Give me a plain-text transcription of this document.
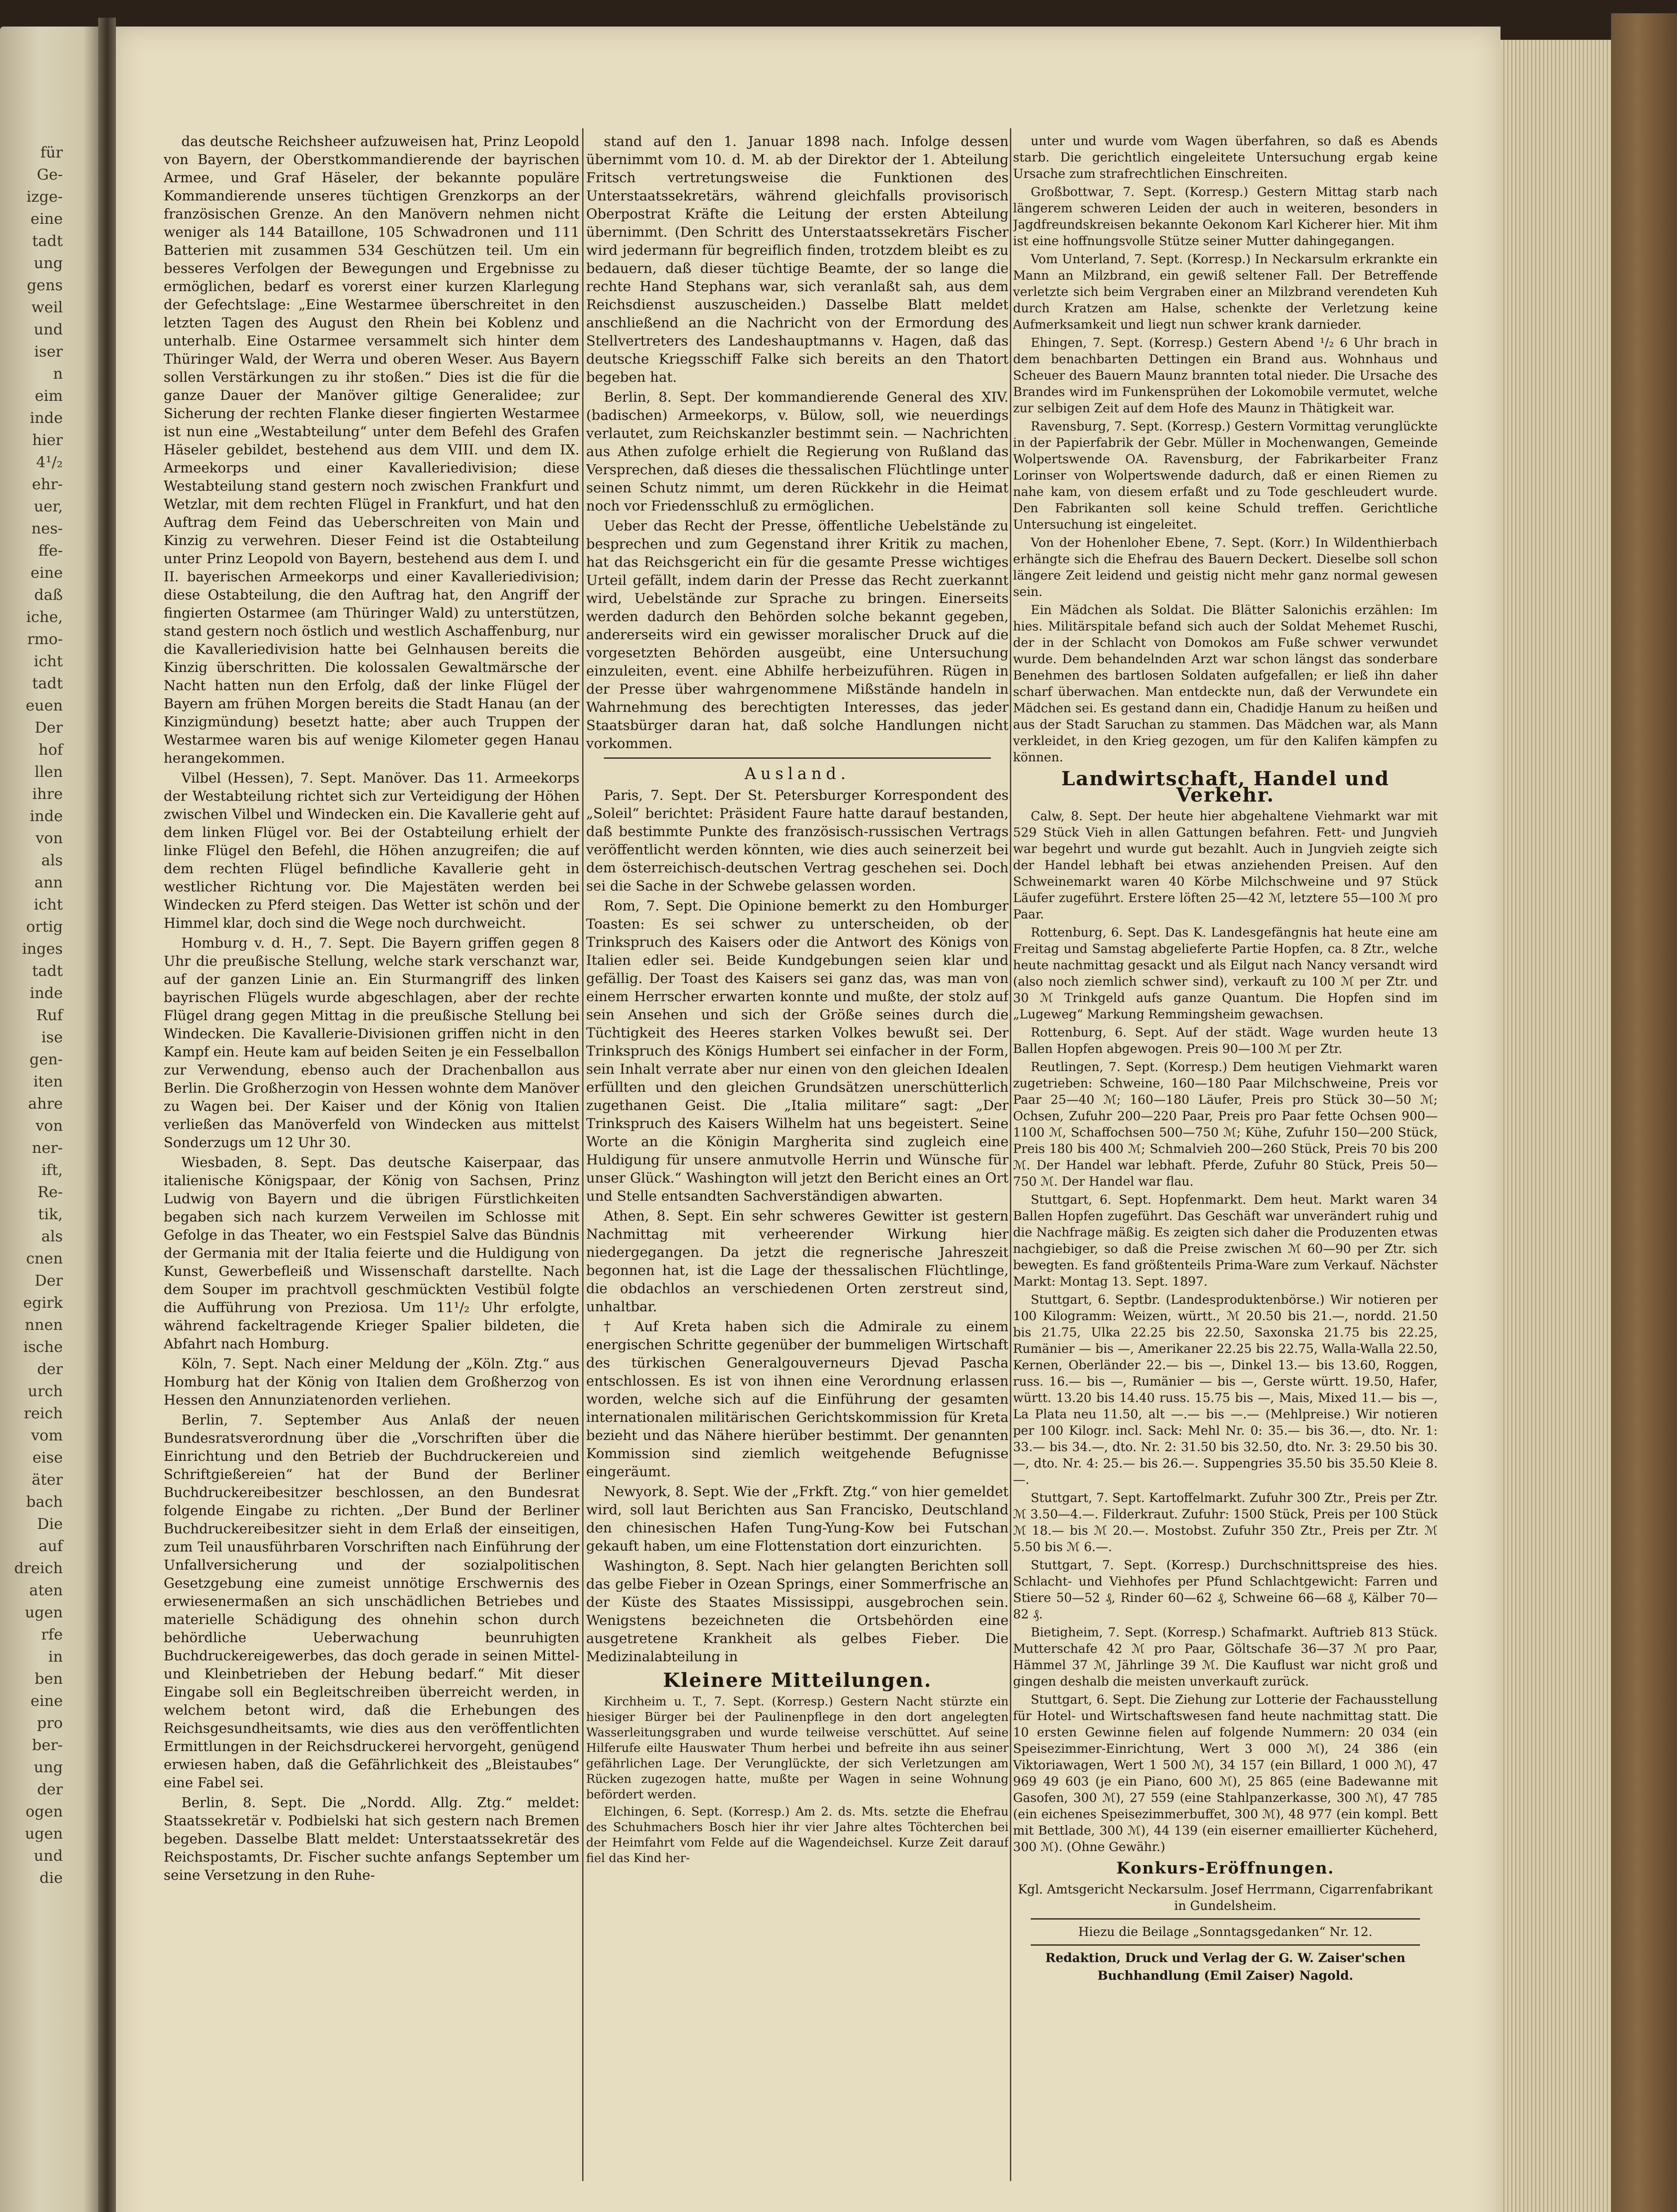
für
Ge-
izge-
eine
tadt
ung
gens
weil
und
iser
n
eim
inde
hier
4¹/₂
ehr-
uer,
nes-
ffe-
eine
daß
iche,
rmo-
icht
tadt
euen
Der
hof
llen
ihre
inde
von
als
ann
icht
ortig
inges
tadt
inde
Ruf
ise
gen-
iten
ahre
von
ner-
ift,
Re-
tik,
als
cnen
Der
egirk
nnen
ische
der
urch
reich
vom
eise
äter
bach
Die
auf
dreich
aten
ugen
rfe
in
ben
eine
pro
ber-
ung
der
ogen
ugen
und
die

das deutsche Reichsheer aufzuweisen hat, Prinz Leopold von Bayern, der Oberstkommandierende der bayrischen Armee, und Graf Häseler, der bekannte populäre Kommandierende unseres tüchtigen Grenzkorps an der französischen Grenze. An den Manövern nehmen nicht weniger als 144 Bataillone, 105 Schwadronen und 111 Batterien mit zusammen 534 Geschützen teil. Um ein besseres Verfolgen der Bewegungen und Ergebnisse zu ermöglichen, bedarf es vorerst einer kurzen Klarlegung der Gefechtslage: „Eine Westarmee überschreitet in den letzten Tagen des August den Rhein bei Koblenz und unterhalb. Eine Ostarmee versammelt sich hinter dem Thüringer Wald, der Werra und oberen Weser. Aus Bayern sollen Verstärkungen zu ihr stoßen.“ Dies ist die für die ganze Dauer der Manöver giltige Generalidee; zur Sicherung der rechten Flanke dieser fingierten Westarmee ist nun eine „Westabteilung“ unter dem Befehl des Grafen Häseler gebildet, bestehend aus dem VIII. und dem IX. Armeekorps und einer Kavalleriedivision; diese Westabteilung stand gestern noch zwischen Frankfurt und Wetzlar, mit dem rechten Flügel in Frankfurt, und hat den Auftrag dem Feind das Ueberschreiten von Main und Kinzig zu verwehren. Dieser Feind ist die Ostabteilung unter Prinz Leopold von Bayern, bestehend aus dem I. und II. bayerischen Armeekorps und einer Kavalleriedivision; diese Ostabteilung, die den Auftrag hat, den Angriff der fingierten Ostarmee (am Thüringer Wald) zu unterstützen, stand gestern noch östlich und westlich Aschaffenburg, nur die Kavalleriedivision hatte bei Gelnhausen bereits die Kinzig überschritten. Die kolossalen Gewaltmärsche der Nacht hatten nun den Erfolg, daß der linke Flügel der Bayern am frühen Morgen bereits die Stadt Hanau (an der Kinzigmündung) besetzt hatte; aber auch Truppen der Westarmee waren bis auf wenige Kilometer gegen Hanau herangekommen.

Vilbel (Hessen), 7. Sept. Manöver. Das 11. Armeekorps der Westabteilung richtet sich zur Verteidigung der Höhen zwischen Vilbel und Windecken ein. Die Kavallerie geht auf dem linken Flügel vor. Bei der Ostabteilung erhielt der linke Flügel den Befehl, die Höhen anzugreifen; die auf dem rechten Flügel befindliche Kavallerie geht in westlicher Richtung vor. Die Majestäten werden bei Windecken zu Pferd steigen. Das Wetter ist schön und der Himmel klar, doch sind die Wege noch durchweicht.

Homburg v. d. H., 7. Sept. Die Bayern griffen gegen 8 Uhr die preußische Stellung, welche stark verschanzt war, auf der ganzen Linie an. Ein Sturmangriff des linken bayrischen Flügels wurde abgeschlagen, aber der rechte Flügel drang gegen Mittag in die preußische Stellung bei Windecken. Die Kavallerie-Divisionen griffen nicht in den Kampf ein. Heute kam auf beiden Seiten je ein Fesselballon zur Verwendung, ebenso auch der Drachenballon aus Berlin. Die Großherzogin von Hessen wohnte dem Manöver zu Wagen bei. Der Kaiser und der König von Italien verließen das Manöverfeld von Windecken aus mittelst Sonderzugs um 12 Uhr 30.

Wiesbaden, 8. Sept. Das deutsche Kaiserpaar, das italienische Königspaar, der König von Sachsen, Prinz Ludwig von Bayern und die übrigen Fürstlichkeiten begaben sich nach kurzem Verweilen im Schlosse mit Gefolge in das Theater, wo ein Festspiel Salve das Bündnis der Germania mit der Italia feierte und die Huldigung von Kunst, Gewerbefleiß und Wissenschaft darstellte. Nach dem Souper im prachtvoll geschmückten Vestibül folgte die Aufführung von Preziosa. Um 11¹/₂ Uhr erfolgte, während fackeltragende Krieger Spalier bildeten, die Abfahrt nach Homburg.

Köln, 7. Sept. Nach einer Meldung der „Köln. Ztg.“ aus Homburg hat der König von Italien dem Großherzog von Hessen den Annunziatenorden verliehen.

Berlin, 7. September Aus Anlaß der neuen Bundesratsverordnung über die „Vorschriften über die Einrichtung und den Betrieb der Buchdruckereien und Schriftgießereien“ hat der Bund der Berliner Buchdruckereibesitzer beschlossen, an den Bundesrat folgende Eingabe zu richten. „Der Bund der Berliner Buchdruckereibesitzer sieht in dem Erlaß der einseitigen, zum Teil unausführbaren Vorschriften nach Einführung der Unfallversicherung und der sozialpolitischen Gesetzgebung eine zumeist unnötige Erschwernis des erwiesenermaßen an sich unschädlichen Betriebes und materielle Schädigung des ohnehin schon durch behördliche Ueberwachung beunruhigten Buchdruckereigewerbes, das doch gerade in seinen Mittel- und Kleinbetrieben der Hebung bedarf.“ Mit dieser Eingabe soll ein Begleitschreiben überreicht werden, in welchem betont wird, daß die Erhebungen des Reichsgesundheitsamts, wie dies aus den veröffentlichten Ermittlungen in der Reichsdruckerei hervorgeht, genügend erwiesen haben, daß die Gefährlichkeit des „Bleistaubes“ eine Fabel sei.

Berlin, 8. Sept. Die „Nordd. Allg. Ztg.“ meldet: Staatssekretär v. Podbielski hat sich gestern nach Bremen begeben. Dasselbe Blatt meldet: Unterstaatssekretär des Reichspostamts, Dr. Fischer suchte anfangs September um seine Versetzung in den Ruhe-

stand auf den 1. Januar 1898 nach. Infolge dessen übernimmt vom 10. d. M. ab der Direktor der 1. Abteilung Fritsch vertretungsweise die Funktionen des Unterstaatssekretärs, während gleichfalls provisorisch Oberpostrat Kräfte die Leitung der ersten Abteilung übernimmt. (Den Schritt des Unterstaatssekretärs Fischer wird jedermann für begreiflich finden, trotzdem bleibt es zu bedauern, daß dieser tüchtige Beamte, der so lange die rechte Hand Stephans war, sich veranlaßt sah, aus dem Reichsdienst auszuscheiden.) Dasselbe Blatt meldet anschließend an die Nachricht von der Ermordung des Stellvertreters des Landeshauptmanns v. Hagen, daß das deutsche Kriegsschiff Falke sich bereits an den Thatort begeben hat.

Berlin, 8. Sept. Der kommandierende General des XIV. (badischen) Armeekorps, v. Bülow, soll, wie neuerdings verlautet, zum Reichskanzler bestimmt sein. — Nachrichten aus Athen zufolge erhielt die Regierung von Rußland das Versprechen, daß dieses die thessalischen Flüchtlinge unter seinen Schutz nimmt, um deren Rückkehr in die Heimat noch vor Friedensschluß zu ermöglichen.

Ueber das Recht der Presse, öffentliche Uebelstände zu besprechen und zum Gegenstand ihrer Kritik zu machen, hat das Reichsgericht ein für die gesamte Presse wichtiges Urteil gefällt, indem darin der Presse das Recht zuerkannt wird, Uebelstände zur Sprache zu bringen. Einerseits werden dadurch den Behörden solche bekannt gegeben, andererseits wird ein gewisser moralischer Druck auf die vorgesetzten Behörden ausgeübt, eine Untersuchung einzuleiten, event. eine Abhilfe herbeizuführen. Rügen in der Presse über wahrgenommene Mißstände handeln in Wahrnehmung des berechtigten Interesses, das jeder Staatsbürger daran hat, daß solche Handlungen nicht vorkommen.

Ausland.

Paris, 7. Sept. Der St. Petersburger Korrespondent des „Soleil“ berichtet: Präsident Faure hatte darauf bestanden, daß bestimmte Punkte des französisch-russischen Vertrags veröffentlicht werden könnten, wie dies auch seinerzeit bei dem österreichisch-deutschen Vertrag geschehen sei. Doch sei die Sache in der Schwebe gelassen worden.

Rom, 7. Sept. Die Opinione bemerkt zu den Homburger Toasten: Es sei schwer zu unterscheiden, ob der Trinkspruch des Kaisers oder die Antwort des Königs von Italien edler sei. Beide Kundgebungen seien klar und gefällig. Der Toast des Kaisers sei ganz das, was man von einem Herrscher erwarten konnte und mußte, der stolz auf sein Ansehen und sich der Größe seines durch die Tüchtigkeit des Heeres starken Volkes bewußt sei. Der Trinkspruch des Königs Humbert sei einfacher in der Form, sein Inhalt verrate aber nur einen von den gleichen Idealen erfüllten und den gleichen Grundsätzen unerschütterlich zugethanen Geist. Die „Italia militare“ sagt: „Der Trinkspruch des Kaisers Wilhelm hat uns begeistert. Seine Worte an die Königin Margherita sind zugleich eine Huldigung für unsere anmutvolle Herrin und Wünsche für unser Glück.“ Washington will jetzt den Bericht eines an Ort und Stelle entsandten Sachverständigen abwarten.

Athen, 8. Sept. Ein sehr schweres Gewitter ist gestern Nachmittag mit verheerender Wirkung hier niedergegangen. Da jetzt die regnerische Jahreszeit begonnen hat, ist die Lage der thessalischen Flüchtlinge, die obdachlos an verschiedenen Orten zerstreut sind, unhaltbar.

† Auf Kreta haben sich die Admirale zu einem energischen Schritte gegenüber der bummeligen Wirtschaft des türkischen Generalgouverneurs Djevad Pascha entschlossen. Es ist von ihnen eine Verordnung erlassen worden, welche sich auf die Einführung der gesamten internationalen militärischen Gerichtskommission für Kreta bezieht und das Nähere hierüber bestimmt. Der genannten Kommission sind ziemlich weitgehende Befugnisse eingeräumt.

Newyork, 8. Sept. Wie der „Frkft. Ztg.“ von hier gemeldet wird, soll laut Berichten aus San Francisko, Deutschland den chinesischen Hafen Tung-Yung-Kow bei Futschan gekauft haben, um eine Flottenstation dort einzurichten.

Washington, 8. Sept. Nach hier gelangten Berichten soll das gelbe Fieber in Ozean Springs, einer Sommerfrische an der Küste des Staates Mississippi, ausgebrochen sein. Wenigstens bezeichneten die Ortsbehörden eine ausgetretene Krankheit als gelbes Fieber. Die Medizinalabteilung in

Kleinere Mitteilungen.

Kirchheim u. T., 7. Sept. (Korresp.) Gestern Nacht stürzte ein hiesiger Bürger bei der Paulinenpflege in den dort angelegten Wasserleitungsgraben und wurde teilweise verschüttet. Auf seine Hilferufe eilte Hauswater Thum herbei und befreite ihn aus seiner gefährlichen Lage. Der Verunglückte, der sich Verletzungen am Rücken zugezogen hatte, mußte per Wagen in seine Wohnung befördert werden.

Elchingen, 6. Sept. (Korresp.) Am 2. ds. Mts. setzte die Ehefrau des Schuhmachers Bosch hier ihr vier Jahre altes Töchterchen bei der Heimfahrt vom Felde auf die Wagendeichsel. Kurze Zeit darauf fiel das Kind her-

unter und wurde vom Wagen überfahren, so daß es Abends starb. Die gerichtlich eingeleitete Untersuchung ergab keine Ursache zum strafrechtlichen Einschreiten.

Großbottwar, 7. Sept. (Korresp.) Gestern Mittag starb nach längerem schweren Leiden der auch in weiteren, besonders in Jagdfreundskreisen bekannte Oekonom Karl Kicherer hier. Mit ihm ist eine hoffnungsvolle Stütze seiner Mutter dahingegangen.

Vom Unterland, 7. Sept. (Korresp.) In Neckarsulm erkrankte ein Mann an Milzbrand, ein gewiß seltener Fall. Der Betreffende verletzte sich beim Vergraben einer an Milzbrand verendeten Kuh durch Kratzen am Halse, schenkte der Verletzung keine Aufmerksamkeit und liegt nun schwer krank darnieder.

Ehingen, 7. Sept. (Korresp.) Gestern Abend ¹/₂ 6 Uhr brach in dem benachbarten Dettingen ein Brand aus. Wohnhaus und Scheuer des Bauern Maunz brannten total nieder. Die Ursache des Brandes wird im Funkensprühen der Lokomobile vermutet, welche zur selbigen Zeit auf dem Hofe des Maunz in Thätigkeit war.

Ravensburg, 7. Sept. (Korresp.) Gestern Vormittag verunglückte in der Papierfabrik der Gebr. Müller in Mochenwangen, Gemeinde Wolpertswende OA. Ravensburg, der Fabrikarbeiter Franz Lorinser von Wolpertswende dadurch, daß er einen Riemen zu nahe kam, von diesem erfaßt und zu Tode geschleudert wurde. Den Fabrikanten soll keine Schuld treffen. Gerichtliche Untersuchung ist eingeleitet.

Von der Hohenloher Ebene, 7. Sept. (Korr.) In Wildenthierbach erhängte sich die Ehefrau des Bauern Deckert. Dieselbe soll schon längere Zeit leidend und geistig nicht mehr ganz normal gewesen sein.

Ein Mädchen als Soldat. Die Blätter Salonichis erzählen: Im hies. Militärspitale befand sich auch der Soldat Mehemet Ruschi, der in der Schlacht von Domokos am Fuße schwer verwundet wurde. Dem behandelnden Arzt war schon längst das sonderbare Benehmen des bartlosen Soldaten aufgefallen; er ließ ihn daher scharf überwachen. Man entdeckte nun, daß der Verwundete ein Mädchen sei. Es gestand dann ein, Chadidje Hanum zu heißen und aus der Stadt Saruchan zu stammen. Das Mädchen war, als Mann verkleidet, in den Krieg gezogen, um für den Kalifen kämpfen zu können.

Landwirtschaft, Handel und Verkehr.

Calw, 8. Sept. Der heute hier abgehaltene Viehmarkt war mit 529 Stück Vieh in allen Gattungen befahren. Fett- und Jungvieh war begehrt und wurde gut bezahlt. Auch in Jungvieh zeigte sich der Handel lebhaft bei etwas anziehenden Preisen. Auf den Schweinemarkt waren 40 Körbe Milchschweine und 97 Stück Läufer zugeführt. Erstere löften 25—42 ℳ, letztere 55—100 ℳ pro Paar.

Rottenburg, 6. Sept. Das K. Landesgefängnis hat heute eine am Freitag und Samstag abgelieferte Partie Hopfen, ca. 8 Ztr., welche heute nachmittag gesackt und als Eilgut nach Nancy versandt wird (also noch ziemlich schwer sind), verkauft zu 100 ℳ per Ztr. und 30 ℳ Trinkgeld aufs ganze Quantum. Die Hopfen sind im „Lugeweg“ Markung Remmingsheim gewachsen.

Rottenburg, 6. Sept. Auf der städt. Wage wurden heute 13 Ballen Hopfen abgewogen. Preis 90—100 ℳ per Ztr.

Reutlingen, 7. Sept. (Korresp.) Dem heutigen Viehmarkt waren zugetrieben: Schweine, 160—180 Paar Milchschweine, Preis vor Paar 25—40 ℳ; 160—180 Läufer, Preis pro Stück 30—50 ℳ; Ochsen, Zufuhr 200—220 Paar, Preis pro Paar fette Ochsen 900—1100 ℳ, Schaffochsen 500—750 ℳ; Kühe, Zufuhr 150—200 Stück, Preis 180 bis 400 ℳ; Schmalvieh 200—260 Stück, Preis 70 bis 200 ℳ. Der Handel war lebhaft. Pferde, Zufuhr 80 Stück, Preis 50—750 ℳ. Der Handel war flau.

Stuttgart, 6. Sept. Hopfenmarkt. Dem heut. Markt waren 34 Ballen Hopfen zugeführt. Das Geschäft war unverändert ruhig und die Nachfrage mäßig. Es zeigten sich daher die Produzenten etwas nachgiebiger, so daß die Preise zwischen ℳ 60—90 per Ztr. sich bewegten. Es fand größtenteils Prima-Ware zum Verkauf. Nächster Markt: Montag 13. Sept. 1897.

Stuttgart, 6. Septbr. (Landesproduktenbörse.) Wir notieren per 100 Kilogramm: Weizen, württ., ℳ 20.50 bis 21.—, nordd. 21.50 bis 21.75, Ulka 22.25 bis 22.50, Saxonska 21.75 bis 22.25, Rumänier — bis —, Amerikaner 22.25 bis 22.75, Walla-Walla 22.50, Kernen, Oberländer 22.— bis —, Dinkel 13.— bis 13.60, Roggen, russ. 16.— bis —, Rumänier — bis —, Gerste württ. 19.50, Hafer, württ. 13.20 bis 14.40 russ. 15.75 bis —, Mais, Mixed 11.— bis —, La Plata neu 11.50, alt —.— bis —.— (Mehlpreise.) Wir notieren per 100 Kilogr. incl. Sack: Mehl Nr. 0: 35.— bis 36.—, dto. Nr. 1: 33.— bis 34.—, dto. Nr. 2: 31.50 bis 32.50, dto. Nr. 3: 29.50 bis 30.—, dto. Nr. 4: 25.— bis 26.—. Suppengries 35.50 bis 35.50 Kleie 8.—.

Stuttgart, 7. Sept. Kartoffelmarkt. Zufuhr 300 Ztr., Preis per Ztr. ℳ 3.50—4.—. Filderkraut. Zufuhr: 1500 Stück, Preis per 100 Stück ℳ 18.— bis ℳ 20.—. Mostobst. Zufuhr 350 Ztr., Preis per Ztr. ℳ 5.50 bis ℳ 6.—.

Stuttgart, 7. Sept. (Korresp.) Durchschnittspreise des hies. Schlacht- und Viehhofes per Pfund Schlachtgewicht: Farren und Stiere 50—52 ₰, Rinder 60—62 ₰, Schweine 66—68 ₰, Kälber 70—82 ₰.

Bietigheim, 7. Sept. (Korresp.) Schafmarkt. Auftrieb 813 Stück. Mutterschafe 42 ℳ pro Paar, Göltschafe 36—37 ℳ pro Paar, Hämmel 37 ℳ, Jährlinge 39 ℳ. Die Kauflust war nicht groß und gingen deshalb die meisten unverkauft zurück.

Stuttgart, 6. Sept. Die Ziehung zur Lotterie der Fachausstellung für Hotel- und Wirtschaftswesen fand heute nachmittag statt. Die 10 ersten Gewinne fielen auf folgende Nummern: 20 034 (ein Speisezimmer-Einrichtung, Wert 3 000 ℳ), 24 386 (ein Viktoriawagen, Wert 1 500 ℳ), 34 157 (ein Billard, 1 000 ℳ), 47 969 49 603 (je ein Piano, 600 ℳ), 25 865 (eine Badewanne mit Gasofen, 300 ℳ), 27 559 (eine Stahlpanzerkasse, 300 ℳ), 47 785 (ein eichenes Speisezimmerbuffet, 300 ℳ), 48 977 (ein kompl. Bett mit Bettlade, 300 ℳ), 44 139 (ein eiserner emaillierter Kücheherd, 300 ℳ). (Ohne Gewähr.)

Konkurs-Eröffnungen.

Kgl. Amtsgericht Neckarsulm. Josef Herrmann, Cigarrenfabrikant in Gundelsheim.

Hiezu die Beilage „Sonntagsgedanken“ Nr. 12.

Redaktion, Druck und Verlag der G. W. Zaiser'schen

Buchhandlung (Emil Zaiser) Nagold.
